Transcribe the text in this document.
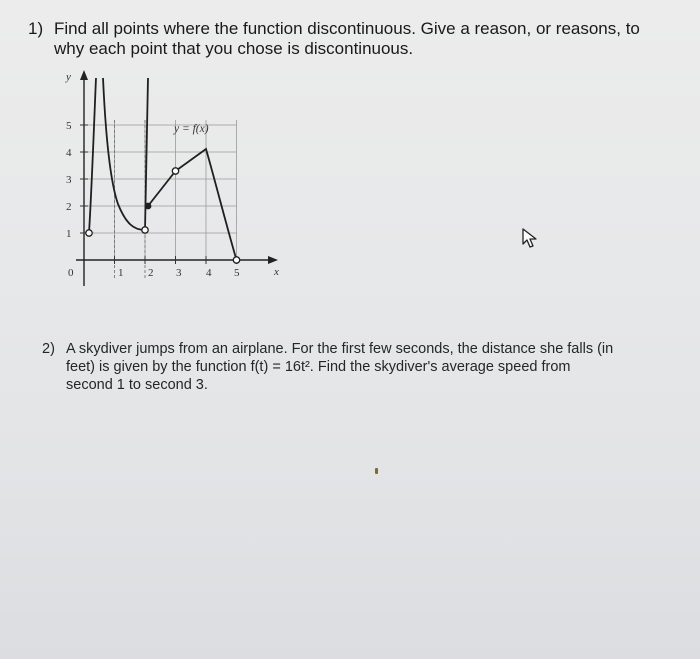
1) Find all points where the function discontinuous. Give a reason, or reasons, to
why each point that you chose is discontinuous.
y
x
y = f(x)
5
4
3
2
1
0	1 2 3 4 5
2) A skydiver jumps from an airplane. For the first few seconds, the distance she falls (in
feet) is given by the function f(t) = 16t². Find the skydiver's average speed from
second 1 to second 3.
